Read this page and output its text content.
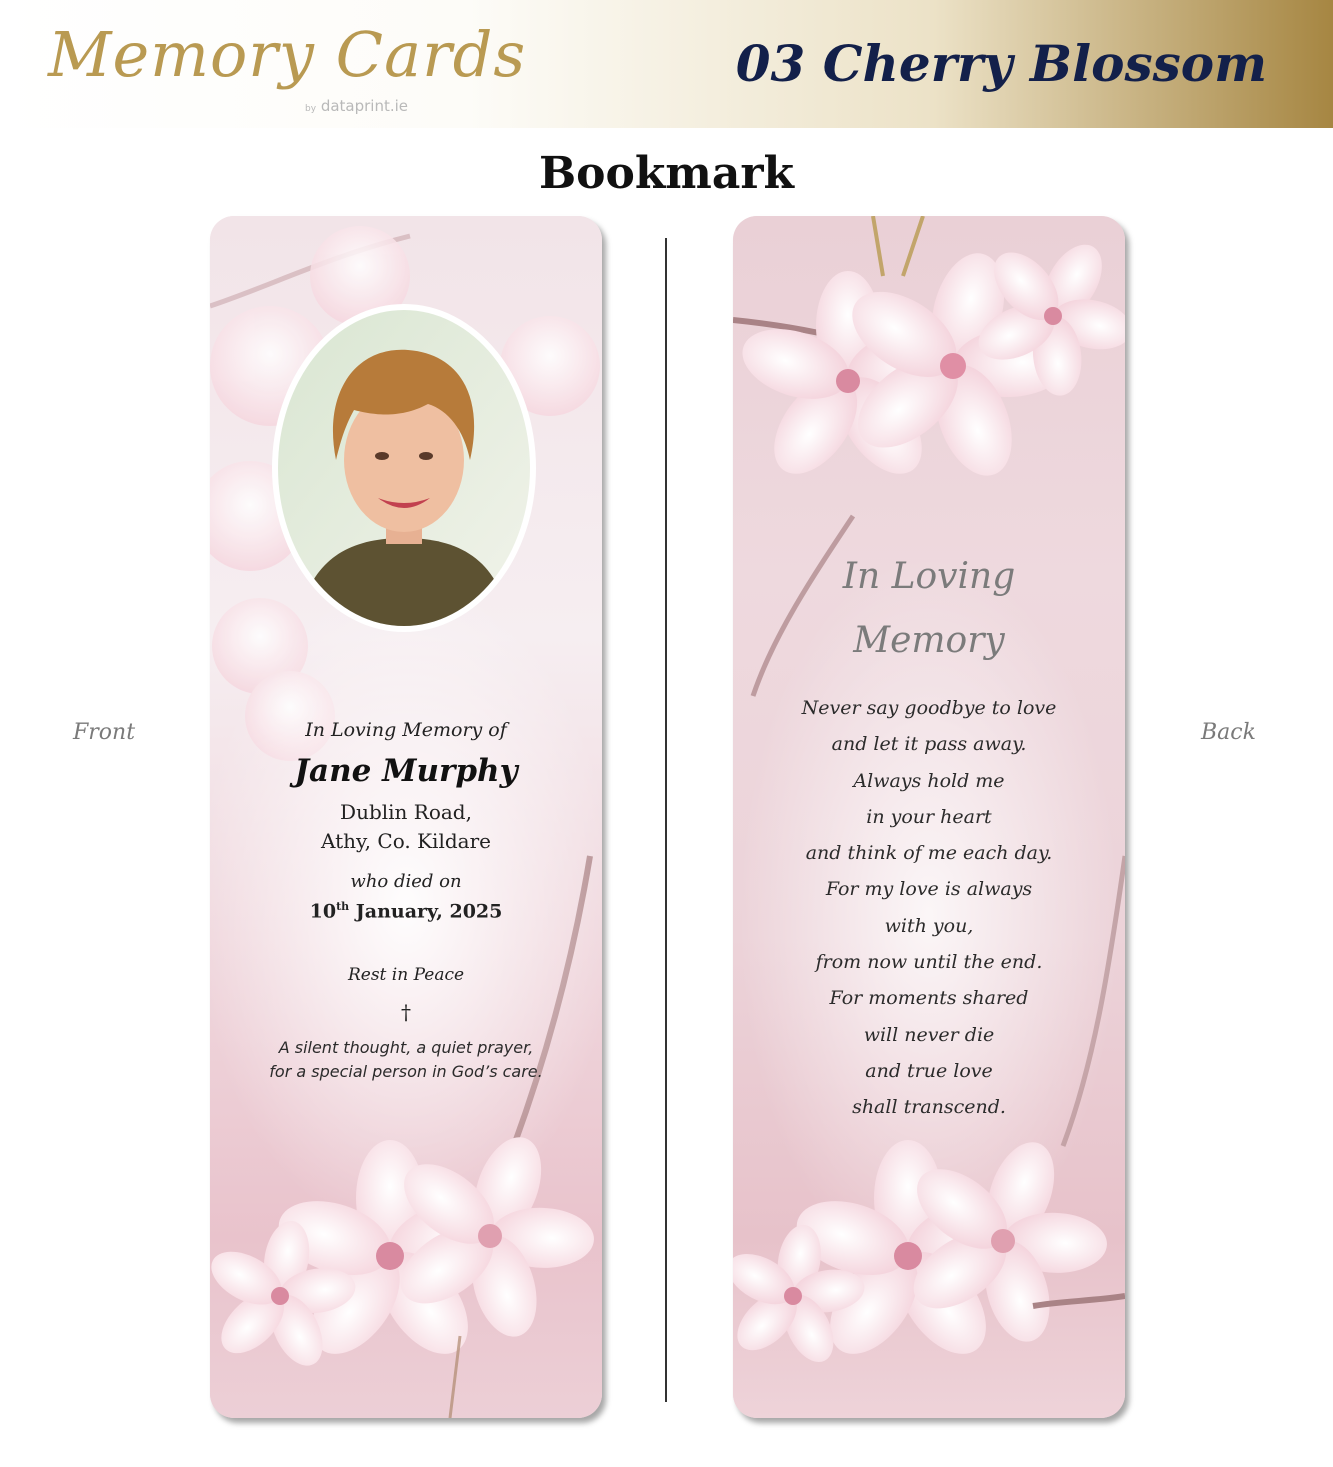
Memory Cards
by dataprint.ie
03 Cherry Blossom
Bookmark
Front	Back
In Loving Memory of
Jane Murphy
Dublin Road,
Athy, Co. Kildare
who died on
10th January, 2025
Rest in Peace
†
A silent thought, a quiet prayer,
for a special person in God’s care.
In Loving
Memory
Never say goodbye to love
and let it pass away.
Always hold me
in your heart
and think of me each day.
For my love is always
with you,
from now until the end.
For moments shared
will never die
and true love
shall transcend.
